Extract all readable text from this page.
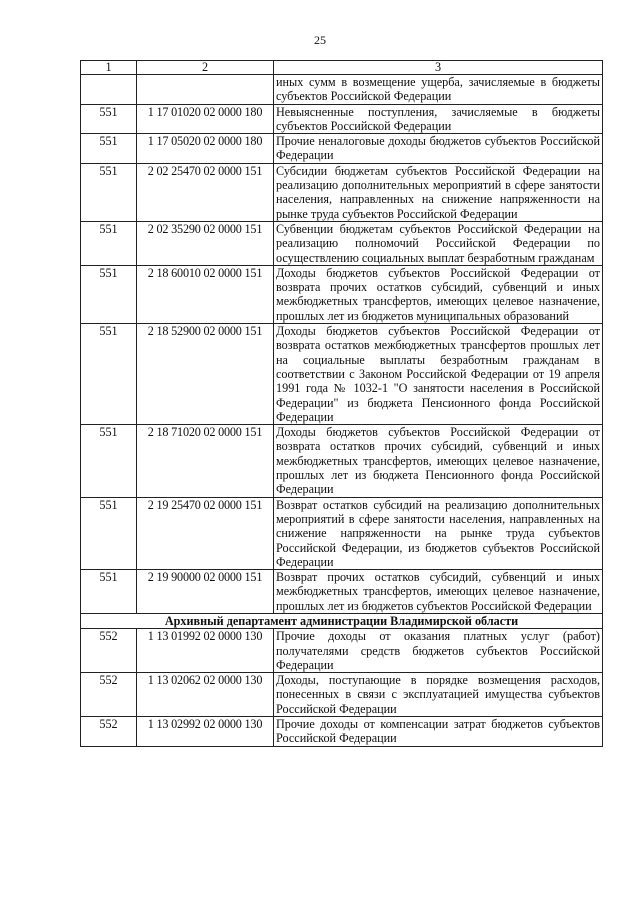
25
1	2	3
		иных сумм в возмещение ущерба, зачисляемые в бюджеты субъектов Российской Федерации
551	1 17 01020 02 0000 180	Невыясненные поступления, зачисляемые в бюджеты субъектов Российской Федерации
551	1 17 05020 02 0000 180	Прочие неналоговые доходы бюджетов субъектов Российской Федерации
551	2 02 25470 02 0000 151	Субсидии бюджетам субъектов Российской Федерации на реализацию дополнительных мероприятий в сфере занятости населения, направленных на снижение напряженности на рынке труда субъектов Российской Федерации
551	2 02 35290 02 0000 151	Субвенции бюджетам субъектов Российской Федерации на реализацию полномочий Российской Федерации по осуществлению социальных выплат безработным гражданам
551	2 18 60010 02 0000 151	Доходы бюджетов субъектов Российской Федерации от возврата прочих остатков субсидий, субвенций и иных межбюджетных трансфертов, имеющих целевое назначение, прошлых лет из бюджетов муниципальных образований
551	2 18 52900 02 0000 151	Доходы бюджетов субъектов Российской Федерации от возврата остатков межбюджетных трансфертов прошлых лет на социальные выплаты безработным гражданам в соответствии с Законом Российской Федерации от 19 апреля 1991 года № 1032-1 "О занятости населения в Российской Федерации" из бюджета Пенсионного фонда Российской Федерации
551	2 18 71020 02 0000 151	Доходы бюджетов субъектов Российской Федерации от возврата остатков прочих субсидий, субвенций и иных межбюджетных трансфертов, имеющих целевое назначение, прошлых лет из бюджета Пенсионного фонда Российской Федерации
551	2 19 25470 02 0000 151	Возврат остатков субсидий на реализацию дополнительных мероприятий в сфере занятости населения, направленных на снижение напряженности на рынке труда субъектов Российской Федерации, из бюджетов субъектов Российской Федерации
551	2 19 90000 02 0000 151	Возврат прочих остатков субсидий, субвенций и иных межбюджетных трансфертов, имеющих целевое назначение, прошлых лет из бюджетов субъектов Российской Федерации
Архивный департамент администрации Владимирской области		
552	1 13 01992 02 0000 130	Прочие доходы от оказания платных услуг (работ) получателями средств бюджетов субъектов Российской Федерации
552	1 13 02062 02 0000 130	Доходы, поступающие в порядке возмещения расходов, понесенных в связи с эксплуатацией имущества субъектов Российской Федерации
552	1 13 02992 02 0000 130	Прочие доходы от компенсации затрат бюджетов субъектов Российской Федерации
